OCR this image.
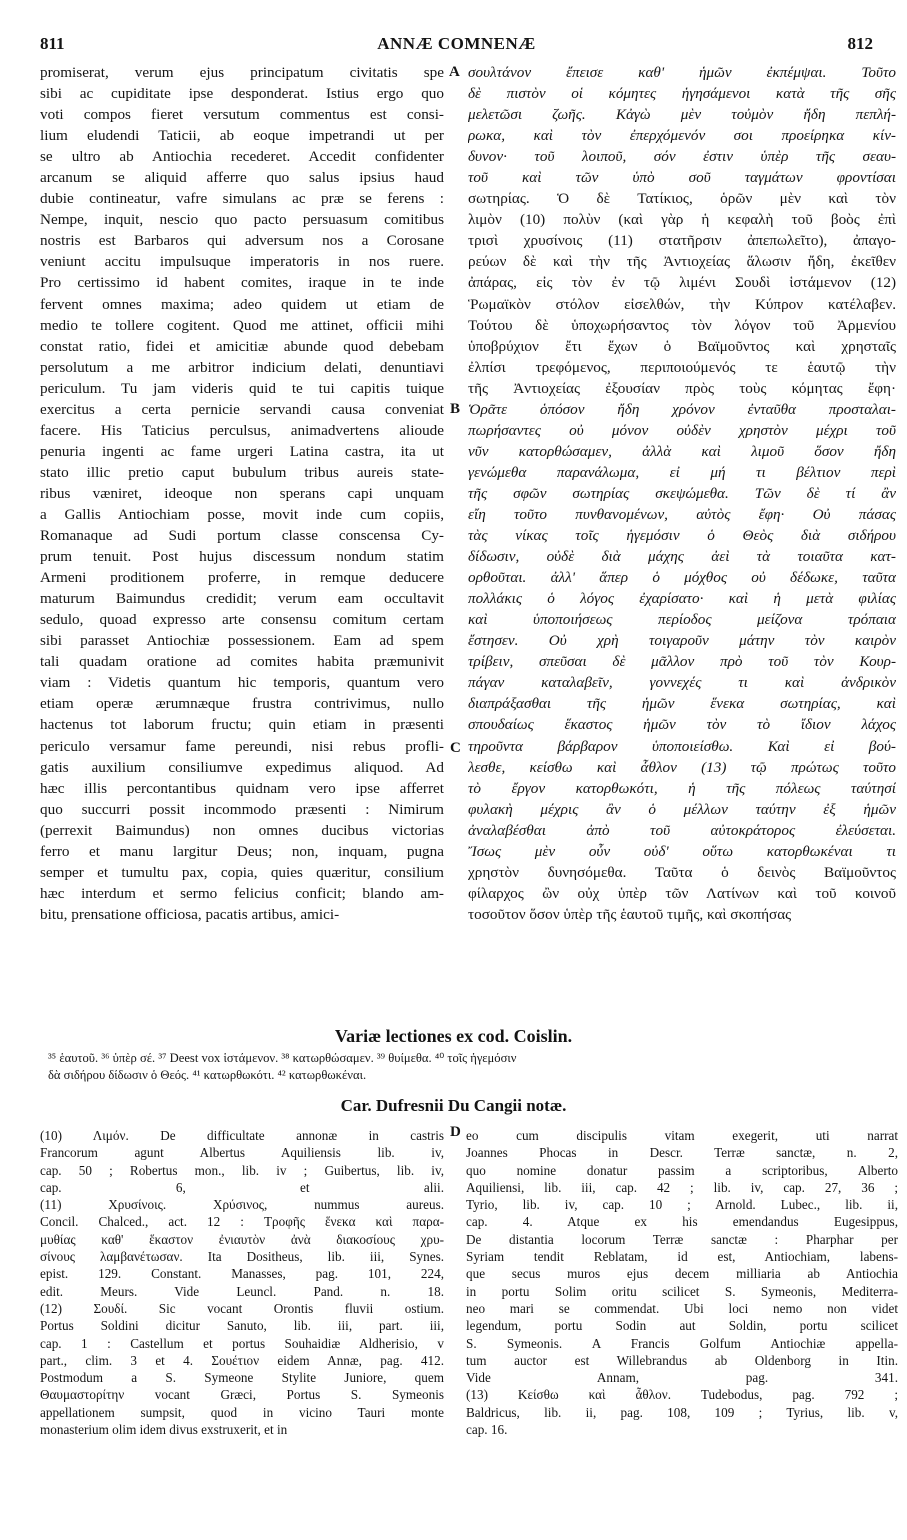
811	ANNÆ COMNENÆ	812
promiserat, verum ejus principatum civitatis spe
sibi ac cupiditate ipse desponderat. Istius ergo quo
voti compos fieret versutum commentus est consi-
lium eludendi Taticii, ab eoque impetrandi ut per
se ultro ab Antiochia recederet. Accedit confidenter
arcanum se aliquid afferre quo salus ipsius haud
dubie contineatur, vafre simulans ac præ se ferens :
Nempe, inquit, nescio quo pacto persuasum comitibus
nostris est Barbaros qui adversum nos a Corosane
veniunt accitu impulsuque imperatoris in nos ruere.
Pro certissimo id habent comites, iraque in te inde
fervent omnes maxima; adeo quidem ut etiam de
medio te tollere cogitent. Quod me attinet, officii mihi
constat ratio, fidei et amicitiæ abunde quod debebam
persolutum a me arbitror indicium delati, denuntiavi
periculum. Tu jam videris quid te tui capitis tuique
exercitus a certa pernicie servandi causa conveniat
facere. His Taticius perculsus, animadvertens alioude
penuria ingenti ac fame urgeri Latina castra, ita ut
stato illic pretio caput bubulum tribus aureis state-
ribus væniret, ideoque non sperans capi unquam
a Gallis Antiochiam posse, movit inde cum copiis,
Romanaque ad Sudi portum classe conscensa Cy-
prum tenuit. Post hujus discessum nondum statim
Armeni proditionem proferre, in remque deducere
maturum Baimundus credidit; verum eam occultavit
sedulo, quoad expresso arte consensu comitum certam
sibi parasset Antiochiæ possessionem. Eam ad spem
tali quadam oratione ad comites habita præmunivit
viam : Videtis quantum hic temporis, quantum vero
etiam operæ ærumnæque frustra contrivimus, nullo
hactenus tot laborum fructu; quin etiam in præsenti
periculo versamur fame pereundi, nisi rebus profli-
gatis auxilium consiliumve expedimus aliquod. Ad
hæc illis percontantibus quidnam vero ipse afferret
quo succurri possit incommodo præsenti : Nimirum
(perrexit Baimundus) non omnes ducibus victorias
ferro et manu largitur Deus; non, inquam, pugna
semper et tumultu pax, copia, quies quæritur, consilium
hæc interdum et sermo felicius conficit; blando am-
bitu, prensatione officiosa, pacatis artibus, amici-
σουλτάνον ἔπεισε καθ' ἡμῶν ἐκπέμψαι. Τοῦτο
δὲ πιστὸν οἱ κόμητες ἡγησάμενοι κατὰ τῆς σῆς
μελετῶσι ζωῆς. Κἀγὼ μὲν τοὐμὸν ἤδη πεπλή-
ρωκα, καὶ τὸν ἐπερχόμενόν σοι προείρηκα κίν-
δυνον· τοῦ λοιποῦ, σόν ἐστιν ὑπὲρ τῆς σεαυ-
τοῦ καὶ τῶν ὑπὸ σοῦ ταγμάτων φροντίσαι
σωτηρίας. Ὁ δὲ Τατίκιος, ὁρῶν μὲν καὶ τὸν
λιμὸν (10) πολὺν (καὶ γὰρ ἡ κεφαλὴ τοῦ βοὸς ἐπὶ
τρισὶ χρυσίνοις (11) στατῆρσιν ἀπεπωλεῖτο), ἀπαγο-
ρεύων δὲ καὶ τὴν τῆς Ἀντιοχείας ἅλωσιν ἤδη, ἐκεῖθεν
ἀπάρας, εἰς τὸν ἐν τῷ λιμένι Σουδὶ ἱστάμενον (12)
Ῥωμαϊκὸν στόλον εἰσελθών, τὴν Κύπρον κατέλαβεν.
Τούτου δὲ ὑποχωρήσαντος τὸν λόγον τοῦ Ἀρμενίου
ὑποβρύχιον ἔτι ἔχων ὁ Βαϊμοῦντος καὶ χρησταῖς
ἐλπίσι τρεφόμενος, περιποιούμενός τε ἑαυτῷ τὴν
τῆς Ἀντιοχείας ἐξουσίαν πρὸς τοὺς κόμητας ἔφη·
Ὁρᾶτε ὁπόσον ἤδη χρόνον ἐνταῦθα προσταλαι-
πωρήσαντες οὐ μόνον οὐδὲν χρηστὸν μέχρι τοῦ
νῦν κατορθώσαμεν, ἀλλὰ καὶ λιμοῦ ὅσον ἤδη
γενώμεθα παρανάλωμα, εἰ μή τι βέλτιον περὶ
τῆς σφῶν σωτηρίας σκεψώμεθα. Τῶν δὲ τί ἂν
εἴη τοῦτο πυνθανομένων, αὐτὸς ἔφη· Οὐ πάσας
τὰς νίκας τοῖς ἡγεμόσιν ὁ Θεὸς διὰ σιδήρου
δίδωσιν, οὐδὲ διὰ μάχης ἀεὶ τὰ τοιαῦτα κατ-
ορθοῦται. ἀλλ' ἅπερ ὁ μόχθος οὐ δέδωκε, ταῦτα
πολλάκις ὁ λόγος ἐχαρίσατο· καὶ ἡ μετὰ φιλίας
καὶ ὑποποιήσεως περίοδος μείζονα τρόπαια
ἔστησεν. Οὐ χρὴ τοιγαροῦν μάτην τὸν καιρὸν
τρίβειν, σπεῦσαι δὲ μᾶλλον πρὸ τοῦ τὸν Κουρ-
πάγαν καταλαβεῖν, γοννεχές τι καὶ ἀνδρικὸν
διαπράξασθαι τῆς ἡμῶν ἕνεκα σωτηρίας, καὶ
σπουδαίως ἕκαστος ἡμῶν τὸν τὸ ἴδιον λάχος
τηροῦντα βάρβαρον ὑποποιείσθω. Καὶ εἰ βού-
λεσθε, κείσθω καὶ ἆθλον (13) τῷ πρώτως τοῦτο
τὸ ἔργον κατορθωκότι, ἡ τῆς πόλεως ταύτησί
φυλακὴ μέχρις ἂν ὁ μέλλων ταύτην ἐξ ἡμῶν
ἀναλαβέσθαι ἀπὸ τοῦ αὐτοκράτορος ἐλεύσεται.
Ἴσως μὲν οὖν οὐδ' οὕτω κατορθωκέναι τι
χρηστὸν δυνησόμεθα. Ταῦτα ὁ δεινὸς Βαϊμοῦντος
φίλαρχος ὢν οὐχ ὑπὲρ τῶν Λατίνων καὶ τοῦ κοινοῦ
τοσοῦτον ὅσον ὑπὲρ τῆς ἑαυτοῦ τιμῆς, καὶ σκοπήσας
A
B
C
D
Variæ lectiones ex cod. Coislin.
³⁵ ἑαυτοῦ. ³⁶ ὑπὲρ σέ. ³⁷ Deest vox ἱστάμενον. ³⁸ κατωρθώσαμεν. ³⁹ θυίμεθα. ⁴⁰ τοῖς ἡγεμόσιν
δὰ σιδήρου δίδωσιν ὁ Θεός. ⁴¹ κατωρθωκότι. ⁴² κατωρθωκέναι.
Car. Dufresnii Du Cangii notæ.
(10) Λιμόν. De difficultate annonæ in castris
Francorum agunt Albertus Aquiliensis lib. iv,
cap. 50 ; Robertus mon., lib. iv ; Guibertus, lib. iv,
cap. 6, et alii.
(11) Χρυσίνοις. Χρύσινος, nummus aureus.
Concil. Chalced., act. 12 : Τροφῆς ἕνεκα καὶ παρα-
μυθίας καθ' ἕκαστον ἐνιαυτὸν ἀνὰ διακοσίους χρυ-
σίνους λαμβανέτωσαν. Ita Dositheus, lib. iii, Synes.
epist. 129. Constant. Manasses, pag. 101, 224,
edit. Meurs. Vide Leuncl. Pand. n. 18.
(12) Σουδί. Sic vocant Orontis fluvii ostium.
Portus Soldini dicitur Sanuto, lib. iii, part. iii,
cap. 1 : Castellum et portus Souhaidiæ Aldherisio, v
part., clim. 3 et 4. Σουέτιον eidem Annæ, pag. 412.
Postmodum a S. Symeone Stylite Juniore, quem
Θαυμαστορίτην vocant Græci, Portus S. Symeonis
appellationem sumpsit, quod in vicino Tauri monte
monasterium olim idem divus exstruxerit, et in
eo cum discipulis vitam exegerit, uti narrat
Joannes Phocas in Descr. Terræ sanctæ, n. 2,
quo nomine donatur passim a scriptoribus, Alberto
Aquiliensi, lib. iii, cap. 42 ; lib. iv, cap. 27, 36 ;
Tyrio, lib. iv, cap. 10 ; Arnold. Lubec., lib. ii,
cap. 4. Atque ex his emendandus Eugesippus,
De distantia locorum Terræ sanctæ : Pharphar per
Syriam tendit Reblatam, id est, Antiochiam, labens-
que secus muros ejus decem milliaria ab Antiochia
in portu Solim oritu scilicet S. Symeonis, Mediterra-
neo mari se commendat. Ubi loci nemo non videt
legendum, portu Sodin aut Soldin, portu scilicet
S. Symeonis. A Francis Golfum Antiochiæ appella-
tum auctor est Willebrandus ab Oldenborg in Itin.
Vide Annam, pag. 341.
(13) Κείσθω καὶ ἆθλον. Tudebodus, pag. 792 ;
Baldricus, lib. ii, pag. 108, 109 ; Tyrius, lib. v,
cap. 16.
